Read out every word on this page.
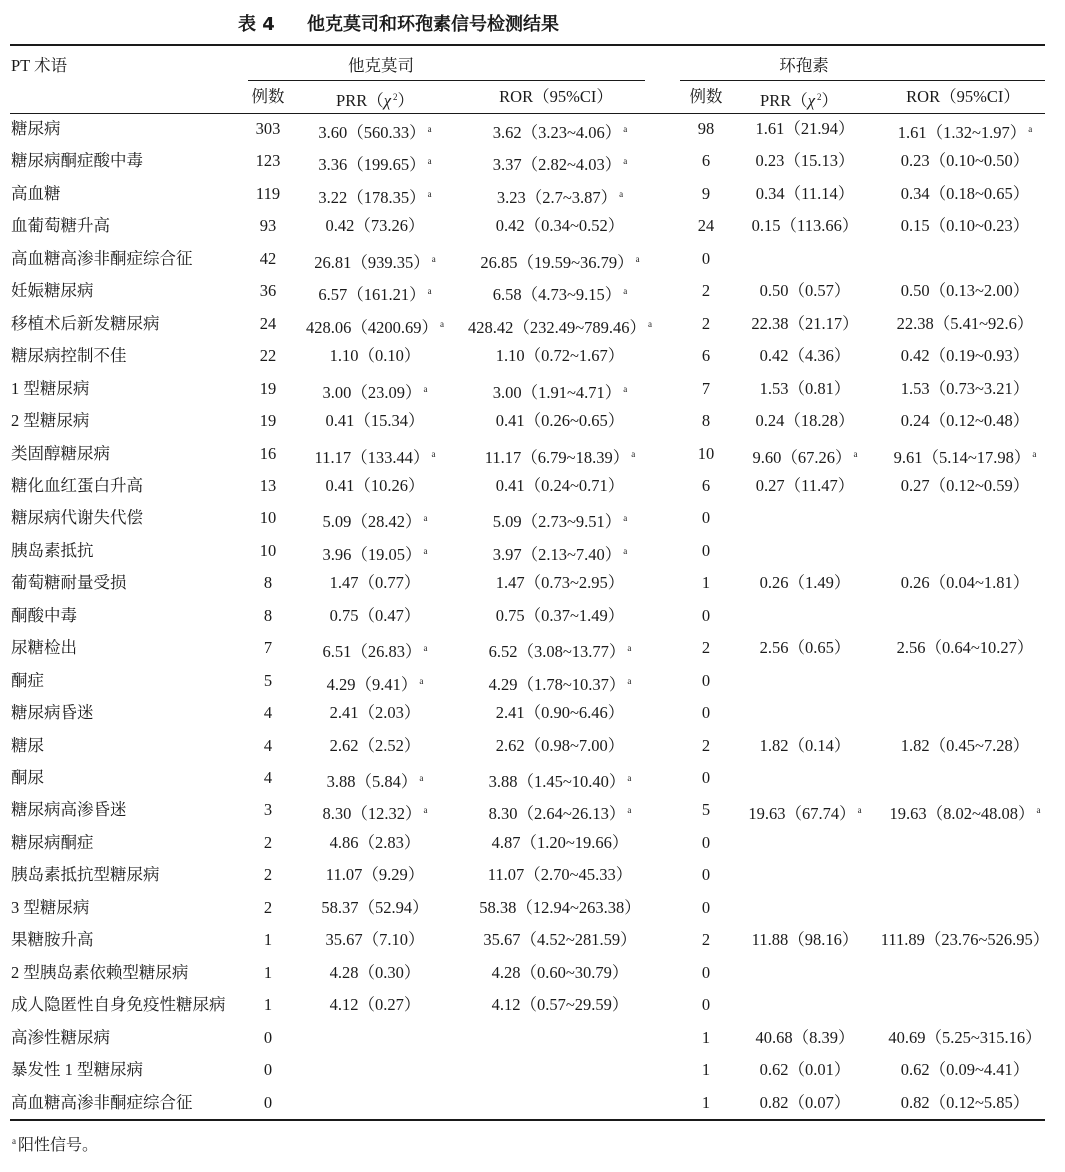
表 4 他克莫司和环孢素信号检测结果
PT 术语	他克莫司	环孢素
例数	PRR（χ $^2$）	ROR（95%CI）	例数 PRR（χ $^2$）	ROR（95%CI）
糖尿病	303 3.60（560.33） $^a$	3.62（3.23~4.06） $^a$	98	1.61（21.94）	1.61（1.32~1.97） $^a$
糖尿病酮症酸中毒	123 3.36（199.65） $^a$	3.37（2.82~4.03） $^a$	6	0.23（15.13）	0.23（0.10~0.50）
高血糖	119 3.22（178.35） $^a$	3.23（2.7~3.87） $^a$	9	0.34（11.14）	0.34（0.18~0.65）
血葡萄糖升高	93	0.42（73.26）	0.42（0.34~0.52）	24 0.15（113.66）	0.15（0.10~0.23）
高血糖高渗非酮症综合征	42 26.81（939.35） $^a$	26.85（19.59~36.79） $^a$	0
妊娠糖尿病	36	6.57（161.21） $^a$	6.58（4.73~9.15） $^a$	2	0.50（0.57）	0.50（0.13~2.00）
移植术后新发糖尿病	24 428.06（4200.69） $^a$ 428.42（232.49~789.46） $^a$	2	22.38（21.17） 22.38（5.41~92.6）
糖尿病控制不佳	22	1.10（0.10）	1.10（0.72~1.67）	6	0.42（4.36）	0.42（0.19~0.93）
1 型糖尿病	19	3.00（23.09） $^a$	3.00（1.91~4.71） $^a$	7	1.53（0.81）	1.53（0.73~3.21）
2 型糖尿病	19	0.41（15.34）	0.41（0.26~0.65）	8	0.24（18.28）	0.24（0.12~0.48）
类固醇糖尿病	16 11.17（133.44） $^a$	11.17（6.79~18.39） $^a$	10 9.60（67.26） $^a$ 9.61（5.14~17.98） $^a$
糖化血红蛋白升高	13	0.41（10.26）	0.41（0.24~0.71）	6	0.27（11.47）	0.27（0.12~0.59）
糖尿病代谢失代偿	10	5.09（28.42） $^a$	5.09（2.73~9.51） $^a$	0
胰岛素抵抗	10	3.96（19.05） $^a$	3.97（2.13~7.40） $^a$	0
葡萄糖耐量受损	8	1.47（0.77）	1.47（0.73~2.95）	1	0.26（1.49）	0.26（0.04~1.81）
酮酸中毒	8	0.75（0.47）	0.75（0.37~1.49）	0
尿糖检出	7	6.51（26.83） $^a$	6.52（3.08~13.77） $^a$	2	2.56（0.65）	2.56（0.64~10.27）
酮症	5	4.29（9.41） $^a$	4.29（1.78~10.37） $^a$	0
糖尿病昏迷	4	2.41（2.03）	2.41（0.90~6.46）	0
糖尿	4	2.62（2.52）	2.62（0.98~7.00）	2	1.82（0.14）	1.82（0.45~7.28）
酮尿	4	3.88（5.84） $^a$	3.88（1.45~10.40） $^a$	0
糖尿病高渗昏迷	3	8.30（12.32） $^a$	8.30（2.64~26.13） $^a$	5 19.63（67.74） $^a$ 19.63（8.02~48.08） $^a$
糖尿病酮症	2	4.86（2.83）	4.87（1.20~19.66）	0
胰岛素抵抗型糖尿病	2	11.07（9.29）	11.07（2.70~45.33）	0
3 型糖尿病	2	58.37（52.94）	58.38（12.94~263.38）	0
果糖胺升高	1	35.67（7.10）	35.67（4.52~281.59）	2	11.88（98.16） 111.89（23.76~526.95）
2 型胰岛素依赖型糖尿病	1	4.28（0.30）	4.28（0.60~30.79）	0
成人隐匿性自身免疫性糖尿病 1	4.12（0.27）	4.12（0.57~29.59）	0
高渗性糖尿病	0	1	40.68（8.39） 40.69（5.25~315.16）
暴发性 1 型糖尿病	0	1	0.62（0.01）	0.62（0.09~4.41）
高血糖高渗非酮症综合征	0	1	0.82（0.07）	0.82（0.12~5.85）
$^a$ 阳性信号。
